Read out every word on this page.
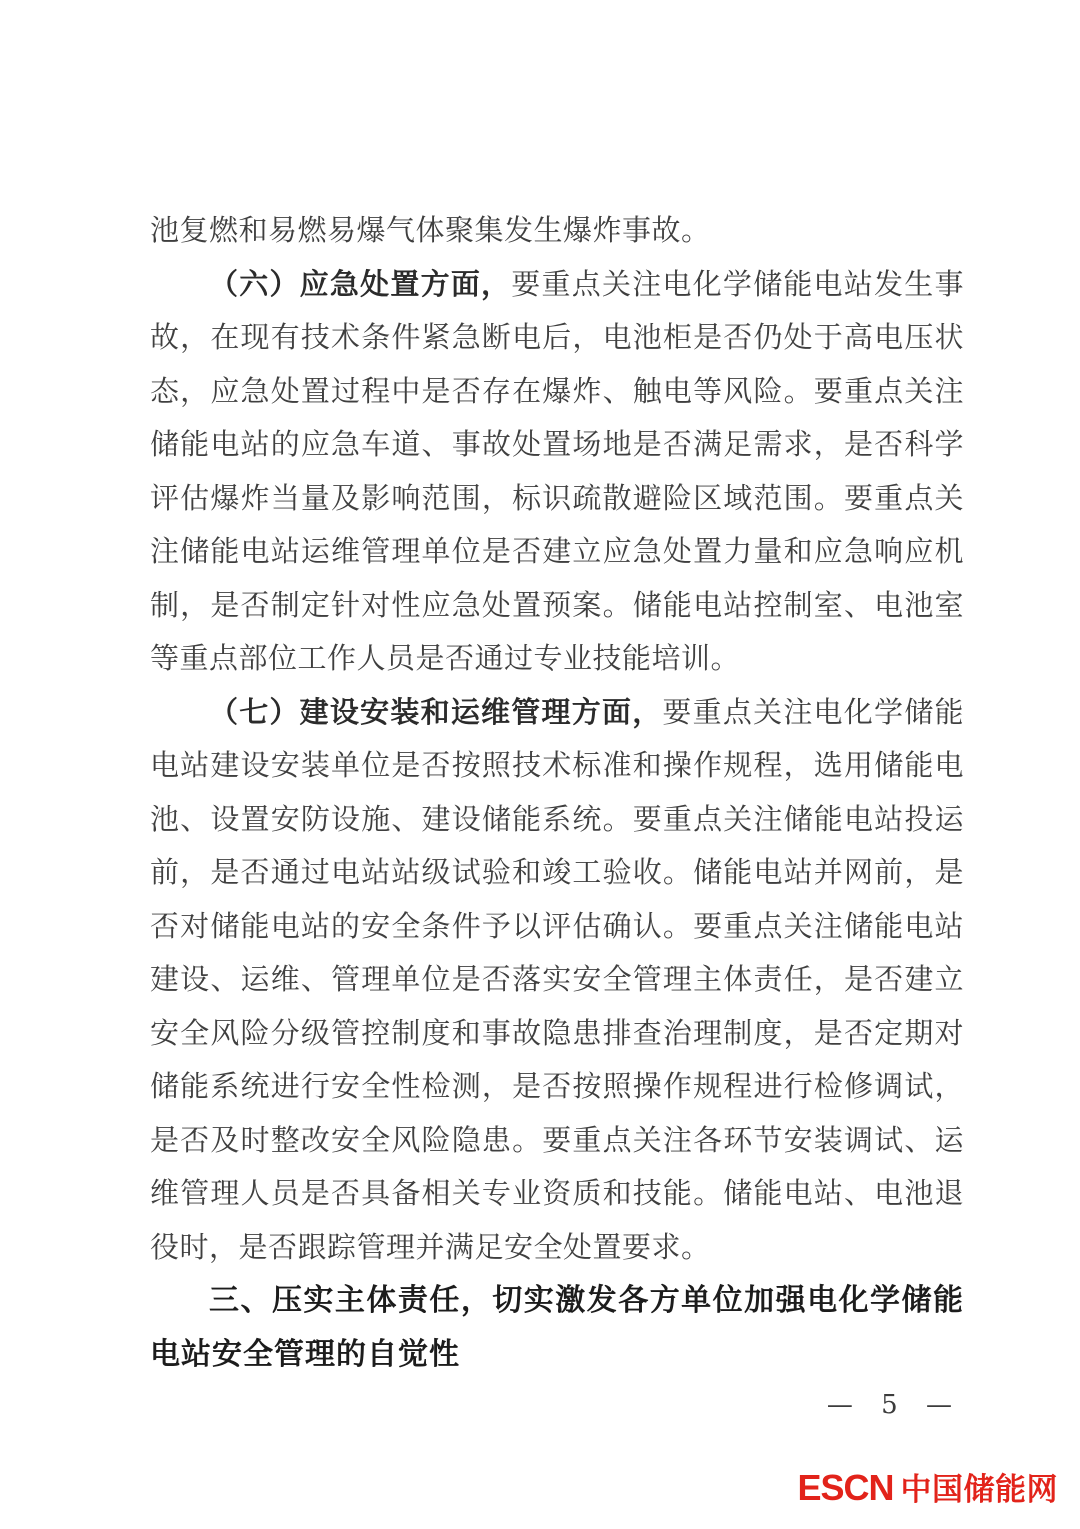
池复燃和易燃易爆气体聚集发生爆炸事故。

（六）应急处置方面，要重点关注电化学储能电站发生事故，在现有技术条件紧急断电后，电池柜是否仍处于高电压状态，应急处置过程中是否存在爆炸、触电等风险。要重点关注储能电站的应急车道、事故处置场地是否满足需求，是否科学评估爆炸当量及影响范围，标识疏散避险区域范围。要重点关注储能电站运维管理单位是否建立应急处置力量和应急响应机制，是否制定针对性应急处置预案。储能电站控制室、电池室等重点部位工作人员是否通过专业技能培训。

（七）建设安装和运维管理方面，要重点关注电化学储能电站建设安装单位是否按照技术标准和操作规程，选用储能电池、设置安防设施、建设储能系统。要重点关注储能电站投运前，是否通过电站站级试验和竣工验收。储能电站并网前，是否对储能电站的安全条件予以评估确认。要重点关注储能电站建设、运维、管理单位是否落实安全管理主体责任，是否建立安全风险分级管控制度和事故隐患排查治理制度，是否定期对储能系统进行安全性检测，是否按照操作规程进行检修调试，是否及时整改安全风险隐患。要重点关注各环节安装调试、运维管理人员是否具备相关专业资质和技能。储能电站、电池退役时，是否跟踪管理并满足安全处置要求。

三、压实主体责任，切实激发各方单位加强电化学储能电站安全管理的自觉性
— 5 —
ESCN 中国储能网
